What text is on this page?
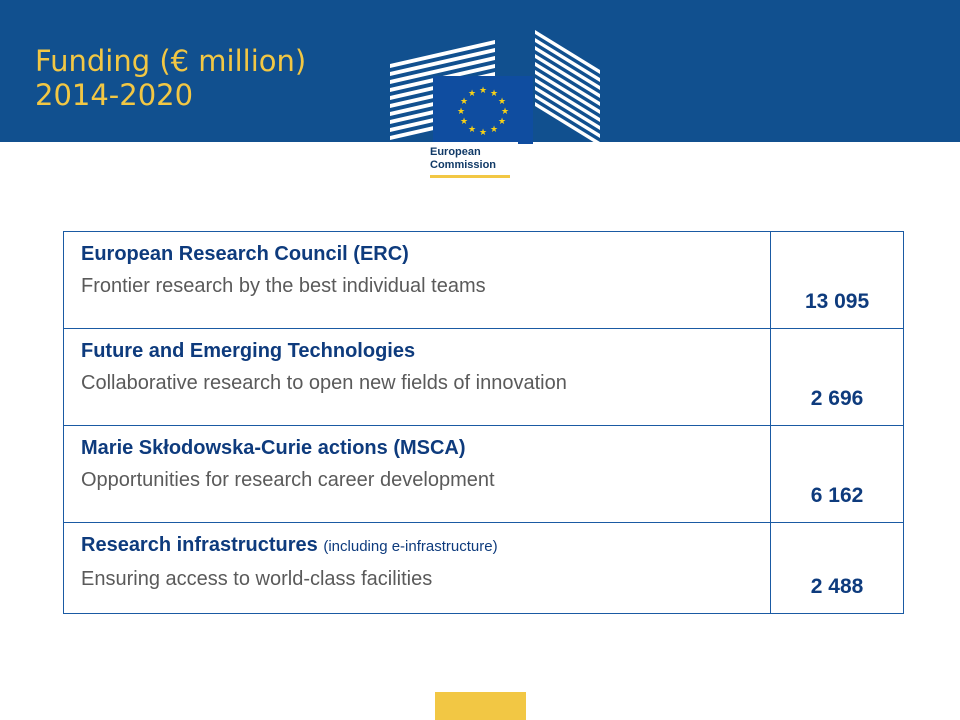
Funding (€ million)
2014-2020	★ ★
★
★
★
★
★
★
★
★
★
★
European
Commission
European Research Council (ERC)
Frontier research by the best individual teams	13 095

Future and Emerging Technologies
Collaborative research to open new fields of innovation	2 696

Marie Skłodowska-Curie actions (MSCA)
Opportunities for research career development	6 162

Research infrastructures (including e-infrastructure)
Ensuring access to world-class facilities	2 488
